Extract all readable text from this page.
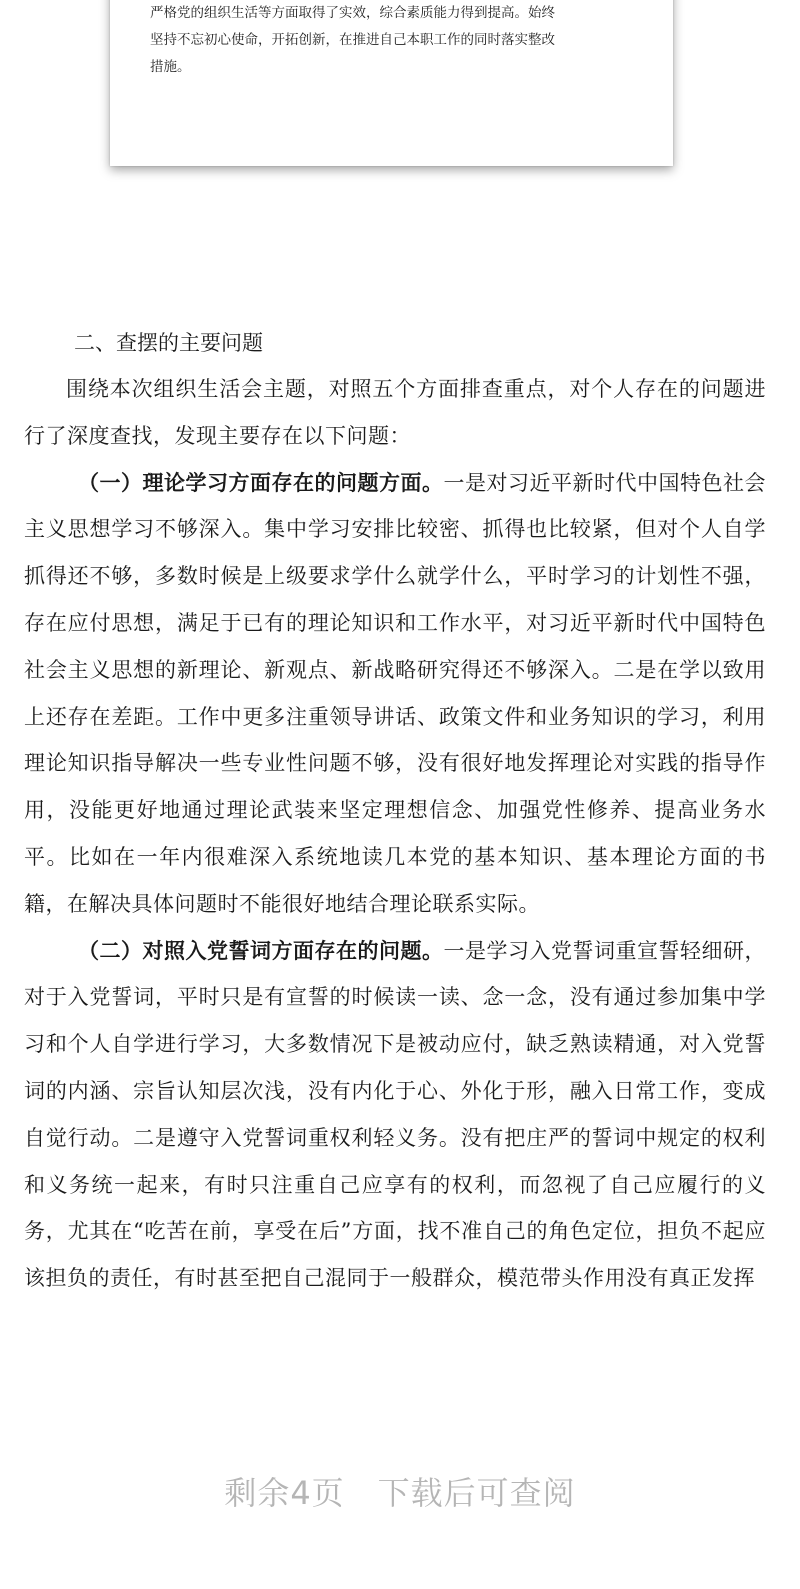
严格党的组织生活等方面取得了实效，综合素质能力得到提高。始终
坚持不忘初心使命，开拓创新，在推进自己本职工作的同时落实整改
措施。

二、查摆的主要问题

围绕本次组织生活会主题，对照五个方面排查重点，对个人存在的问题进行了深度查找，发现主要存在以下问题：

（一）理论学习方面存在的问题方面。一是对习近平新时代中国特色社会主义思想学习不够深入。集中学习安排比较密、抓得也比较紧，但对个人自学抓得还不够，多数时候是上级要求学什么就学什么，平时学习的计划性不强，存在应付思想，满足于已有的理论知识和工作水平，对习近平新时代中国特色社会主义思想的新理论、新观点、新战略研究得还不够深入。二是在学以致用上还存在差距。工作中更多注重领导讲话、政策文件和业务知识的学习，利用理论知识指导解决一些专业性问题不够，没有很好地发挥理论对实践的指导作用，没能更好地通过理论武装来坚定理想信念、加强党性修养、提高业务水平。比如在一年内很难深入系统地读几本党的基本知识、基本理论方面的书籍，在解决具体问题时不能很好地结合理论联系实际。

（二）对照入党誓词方面存在的问题。一是学习入党誓词重宣誓轻细研，对于入党誓词，平时只是有宣誓的时候读一读、念一念，没有通过参加集中学习和个人自学进行学习，大多数情况下是被动应付，缺乏熟读精通，对入党誓词的内涵、宗旨认知层次浅，没有内化于心、外化于形，融入日常工作，变成自觉行动。二是遵守入党誓词重权利轻义务。没有把庄严的誓词中规定的权利和义务统一起来，有时只注重自己应享有的权利，而忽视了自己应履行的义务，尤其在“吃苦在前，享受在后”方面，找不准自己的角色定位，担负不起应该担负的责任，有时甚至把自己混同于一般群众，模范带头作用没有真正发挥

剩余4页　下载后可查阅
